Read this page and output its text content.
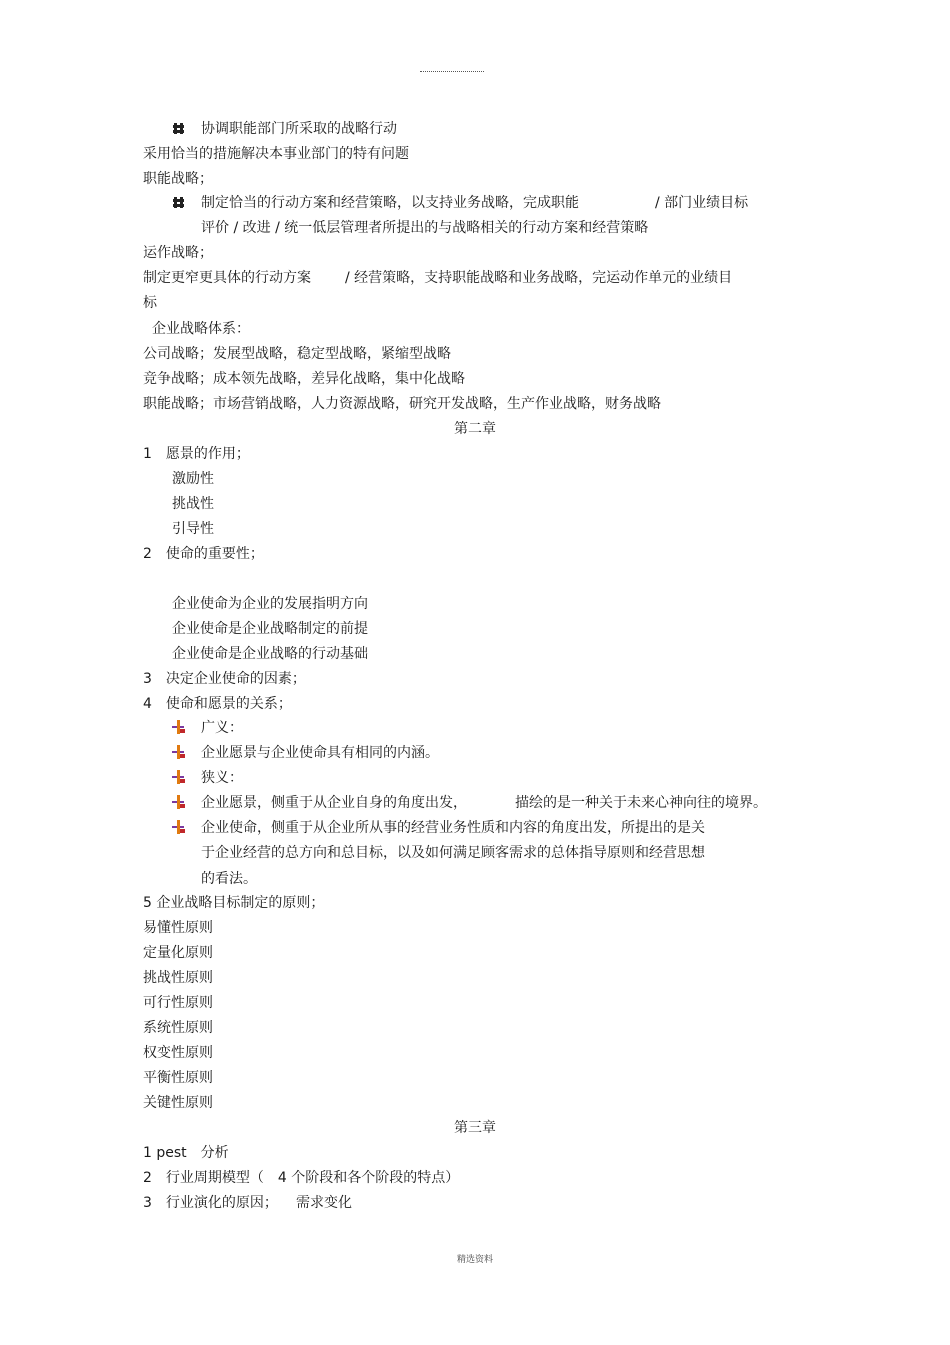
协调职能部门所采取的战略行动
采用恰当的措施解决本事业部门的特有问题
职能战略；
制定恰当的行动方案和经营策略，以支持业务战略，完成职能	/ 部门业绩目标
评价 / 改进 / 统一低层管理者所提出的与战略相关的行动方案和经营策略
运作战略；
制定更窄更具体的行动方案 / 经营策略，支持职能战略和业务战略，完运动作单元的业绩目
标
企业战略体系：
公司战略；发展型战略，稳定型战略，紧缩型战略
竞争战略；成本领先战略，差异化战略，集中化战略
职能战略；市场营销战略，人力资源战略，研究开发战略，生产作业战略，财务战略
第二章
1　愿景的作用；
激励性
挑战性
引导性
2　使命的重要性；
企业使命为企业的发展指明方向
企业使命是企业战略制定的前提
企业使命是企业战略的行动基础
3　决定企业使命的因素；
4　使命和愿景的关系；
广义：
企业愿景与企业使命具有相同的内涵。
狭义：
企业愿景，侧重于从企业自身的角度出发，	描绘的是一种关于未来心神向往的境界。
企业使命，侧重于从企业所从事的经营业务性质和内容的角度出发，所提出的是关
于企业经营的总方向和总目标，以及如何满足顾客需求的总体指导原则和经营思想
的看法。
5 企业战略目标制定的原则；
易懂性原则
定量化原则
挑战性原则
可行性原则
系统性原则
权变性原则
平衡性原则
关键性原则
第三章
1 pest　分析
2　行业周期模型（　4 个阶段和各个阶段的特点）
3　行业演化的原因； 需求变化
精选资料
